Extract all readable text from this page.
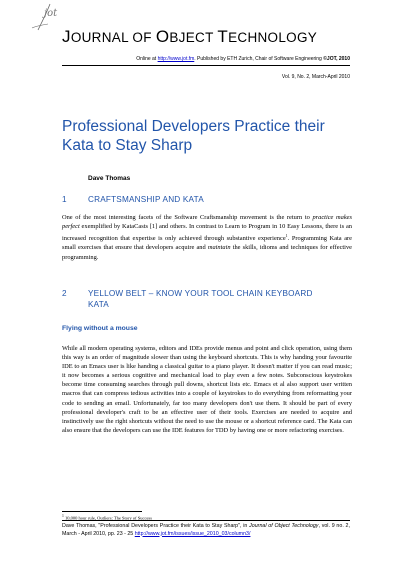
jot
JOURNAL OF OBJECT TECHNOLOGY
Online at http://www.jot.fm. Published by ETH Zurich, Chair of Software Engineering ©JOT, 2010
Vol. 9, No. 2, March-April 2010
Professional Developers Practice their Kata to Stay Sharp
Dave Thomas
1	CRAFTSMANSHIP AND KATA

One of the most interesting facets of the Software Craftsmanship movement is the return to practice makes perfect exemplified by KataCasts [1] and others. In contrast to Learn to Program in 10 Easy Lessons, there is an increased recognition that expertise is only achieved through substantive experience$^1$. Programming Kata are small exercises that ensure that developers acquire and maintain the skills, idioms and techniques for effective programming.

2	YELLOW BELT – KNOW YOUR TOOL CHAIN KEYBOARD
KATA
Flying without a mouse

While all modern operating systems, editors and IDEs provide menus and point and click operation, using them this way is an order of magnitude slower than using the keyboard shortcuts. This is why handing your favourite IDE to an Emacs user is like handing a classical guitar to a piano player. It doesn't matter if you can read music; it now becomes a serious cognitive and mechanical load to play even a few notes. Subconscious keystrokes become time consuming searches through pull downs, shortcut lists etc. Emacs et al also support user written macros that can compress tedious activities into a couple of keystrokes to do everything from reformatting your code to sending an email. Unfortunately, far too many developers don't use them. It should be part of every professional developer's craft to be an effective user of their tools. Exercises are needed to acquire and instinctively use the right shortcuts without the need to use the mouse or a shortcut reference card. The Kata can also ensure that the developers can use the IDE features for TDD by having one or more refactoring exercises.

$^1$ 10,000 hour rule, Outliers: The Story of Success
Dave Thomas, "Professional Developers Practice their Kata to Stay Sharp", in Journal of Object Technology, vol. 9 no. 2, March - April 2010, pp. 23 - 25 http://www.jot.fm/issues/issue_2010_03/column3/
